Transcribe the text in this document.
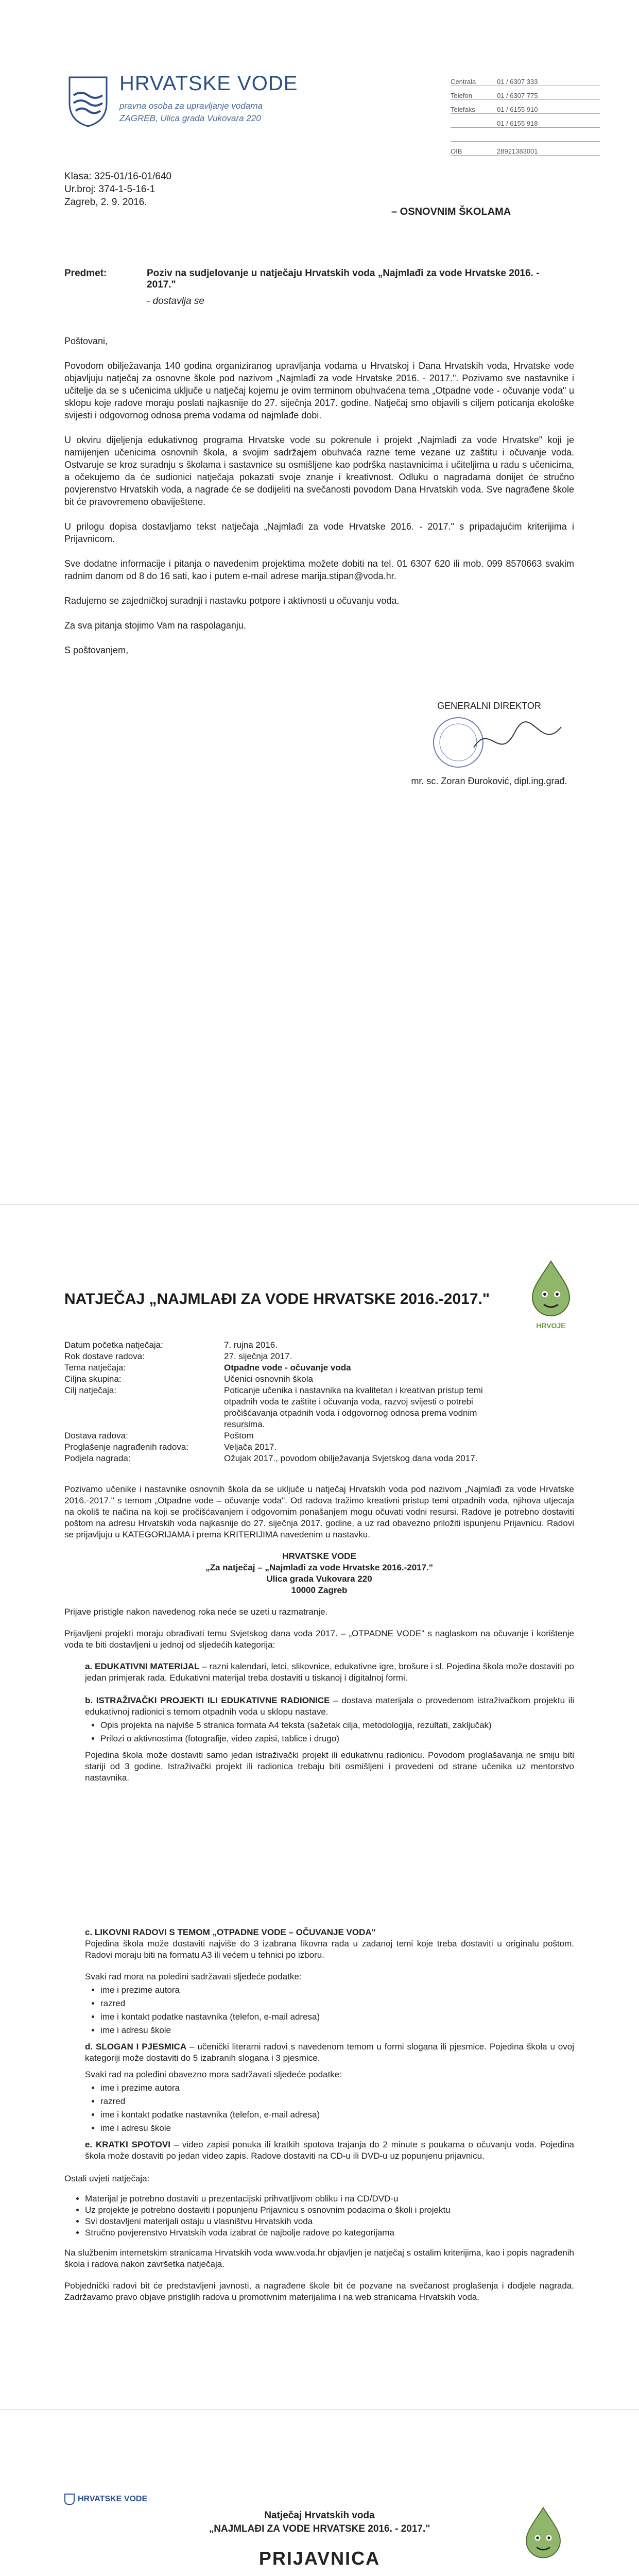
HRVATSKE VODE
pravna osoba za upravljanje vodama
ZAGREB, Ulica grada Vukovara 220
Centrala	01 / 6307 333
Telefon	01 / 6307 775
Telefaks	01 / 6155 910
01 / 6155 918
OIB	28921383001
Klasa: 325-01/16-01/640
Ur.broj: 374-1-5-16-1
Zagreb, 2. 9. 2016.
– OSNOVNIM ŠKOLAMA
Predmet:	Poziv na sudjelovanje u natječaju Hrvatskih voda „Najmlađi za vode Hrvatske 2016. - 2017."
- dostavlja se

Poštovani,

Povodom obilježavanja 140 godina organiziranog upravljanja vodama u Hrvatskoj i Dana Hrvatskih voda, Hrvatske vode objavljuju natječaj za osnovne škole pod nazivom „Najmlađi za vode Hrvatske 2016. - 2017.". Pozivamo sve nastavnike i učitelje da se s učenicima uključe u natječaj kojemu je ovim terminom obuhvaćena tema „Otpadne vode - očuvanje voda" u sklopu koje radove moraju poslati najkasnije do 27. siječnja 2017. godine. Natječaj smo objavili s ciljem poticanja ekološke svijesti i odgovornog odnosa prema vodama od najmlađe dobi.

U okviru dijeljenja edukativnog programa Hrvatske vode su pokrenule i projekt „Najmlađi za vode Hrvatske" koji je namijenjen učenicima osnovnih škola, a svojim sadržajem obuhvaća razne teme vezane uz zaštitu i očuvanje voda. Ostvaruje se kroz suradnju s školama i sastavnice su osmišljene kao podrška nastavnicima i učiteljima u radu s učenicima, a očekujemo da će sudionici natječaja pokazati svoje znanje i kreativnost. Odluku o nagradama donijet će stručno povjerenstvo Hrvatskih voda, a nagrade će se dodijeliti na svečanosti povodom Dana Hrvatskih voda. Sve nagrađene škole bit će pravovremeno obaviještene.

U prilogu dopisa dostavljamo tekst natječaja „Najmlađi za vode Hrvatske 2016. - 2017." s pripadajućim kriterijima i Prijavnicom.

Sve dodatne informacije i pitanja o navedenim projektima možete dobiti na tel. 01 6307 620 ili mob. 099 8570663 svakim radnim danom od 8 do 16 sati, kao i putem e-mail adrese marija.stipan@voda.hr.

Radujemo se zajedničkoj suradnji i nastavku potpore i aktivnosti u očuvanju voda.

Za sva pitanja stojimo Vam na raspolaganju.

S poštovanjem,

GENERALNI DIREKTOR
mr. sc. Zoran Đuroković, dipl.ing.građ.
NATJEČAJ „NAJMLAĐI ZA VODE HRVATSKE 2016.-2017."
HRVOJE
Datum početka natječaja:	7. rujna 2016.
Rok dostave radova:	27. siječnja 2017.
Tema natječaja:	Otpadne vode - očuvanje voda
Ciljna skupina:	Učenici osnovnih škola
Cilj natječaja:	Poticanje učenika i nastavnika na kvalitetan i kreativan pristup temi otpadnih voda te zaštite i očuvanja voda, razvoj svijesti o potrebi pročišćavanja otpadnih voda i odgovornog odnosa prema vodnim resursima.
Dostava radova:	Poštom
Proglašenje nagrađenih radova:	Veljača 2017.
Podjela nagrada:	Ožujak 2017., povodom obilježavanja Svjetskog dana voda 2017.

Pozivamo učenike i nastavnike osnovnih škola da se uključe u natječaj Hrvatskih voda pod nazivom „Najmlađi za vode Hrvatske 2016.-2017." s temom „Otpadne vode – očuvanje voda". Od radova tražimo kreativni pristup temi otpadnih voda, njihova utjecaja na okoliš te načina na koji se pročišćavanjem i odgovornim ponašanjem mogu očuvati vodni resursi. Radove je potrebno dostaviti poštom na adresu Hrvatskih voda najkasnije do 27. siječnja 2017. godine, a uz rad obavezno priložiti ispunjenu Prijavnicu. Radovi se prijavljuju u KATEGORIJAMA i prema KRITERIJIMA navedenim u nastavku.

HRVATSKE VODE
„Za natječaj – „Najmlađi za vode Hrvatske 2016.-2017."
Ulica grada Vukovara 220
10000 Zagreb

Prijave pristigle nakon navedenog roka neće se uzeti u razmatranje.

Prijavljeni projekti moraju obrađivati temu Svjetskog dana voda 2017. – „OTPADNE VODE" s naglaskom na očuvanje i korištenje voda te biti dostavljeni u jednoj od sljedećih kategorija:

a. EDUKATIVNI MATERIJAL – razni kalendari, letci, slikovnice, edukativne igre, brošure i sl. Pojedina škola može dostaviti po jedan primjerak rada. Edukativni materijal treba dostaviti u tiskanoj i digitalnoj formi.

b. ISTRAŽIVAČKI PROJEKTI ILI EDUKATIVNE RADIONICE – dostava materijala o provedenom istraživačkom projektu ili edukativnoj radionici s temom otpadnih voda u sklopu nastave.
• Opis projekta na najviše 5 stranica formata A4 teksta (sažetak cilja, metodologija, rezultati, zaključak)
• Prilozi o aktivnostima (fotografije, video zapisi, tablice i drugo)
Pojedina škola može dostaviti samo jedan istraživački projekt ili edukativnu radionicu. Povodom proglašavanja ne smiju biti stariji od 3 godine. Istraživački projekt ili radionica trebaju biti osmišljeni i provedeni od strane učenika uz mentorstvo nastavnika.
c. LIKOVNI RADOVI S TEMOM „OTPADNE VODE – OČUVANJE VODA"

Pojedina škola može dostaviti najviše do 3 izabrana likovna rada u zadanoj temi koje treba dostaviti u originalu poštom. Radovi moraju biti na formatu A3 ili većem u tehnici po izboru.

Svaki rad mora na poleđini sadržavati sljedeće podatke:
• ime i prezime autora
• razred
• ime i kontakt podatke nastavnika (telefon, e-mail adresa)
• ime i adresu škole
d. SLOGAN I PJESMICA – učenički literarni radovi s navedenom temom u formi slogana ili pjesmice. Pojedina škola u ovoj kategoriji može dostaviti do 5 izabranih slogana i 3 pjesmice.
Svaki rad na poleđini obavezno mora sadržavati sljedeće podatke:
• ime i prezime autora
• razred
• ime i kontakt podatke nastavnika (telefon, e-mail adresa)
• ime i adresu škole
e. KRATKI SPOTOVI – video zapisi ponuka ili kratkih spotova trajanja do 2 minute s poukama o očuvanju voda. Pojedina škola može dostaviti po jedan video zapis. Radove dostaviti na CD-u ili DVD-u uz popunjenu prijavnicu.

Ostali uvjeti natječaja:
• Materijal je potrebno dostaviti u prezentacijski prihvatljivom obliku i na CD/DVD-u
• Uz projekte je potrebno dostaviti i popunjenu Prijavnicu s osnovnim podacima o školi i projektu
• Svi dostavljeni materijali ostaju u vlasništvu Hrvatskih voda
• Stručno povjerenstvo Hrvatskih voda izabrat će najbolje radove po kategorijama

Na službenim internetskim stranicama Hrvatskih voda www.voda.hr objavljen je natječaj s ostalim kriterijima, kao i popis nagrađenih škola i radova nakon završetka natječaja.

Pobjednički radovi bit će predstavljeni javnosti, a nagrađene škole bit će pozvane na svečanost proglašenja i dodjele nagrada. Zadržavamo pravo objave pristiglih radova u promotivnim materijalima i na web stranicama Hrvatskih voda.

HRVATSKE VODE
Natječaj Hrvatskih voda
„NAJMLAĐI ZA VODE HRVATSKE 2016. - 2017."
PRIJAVNICA
